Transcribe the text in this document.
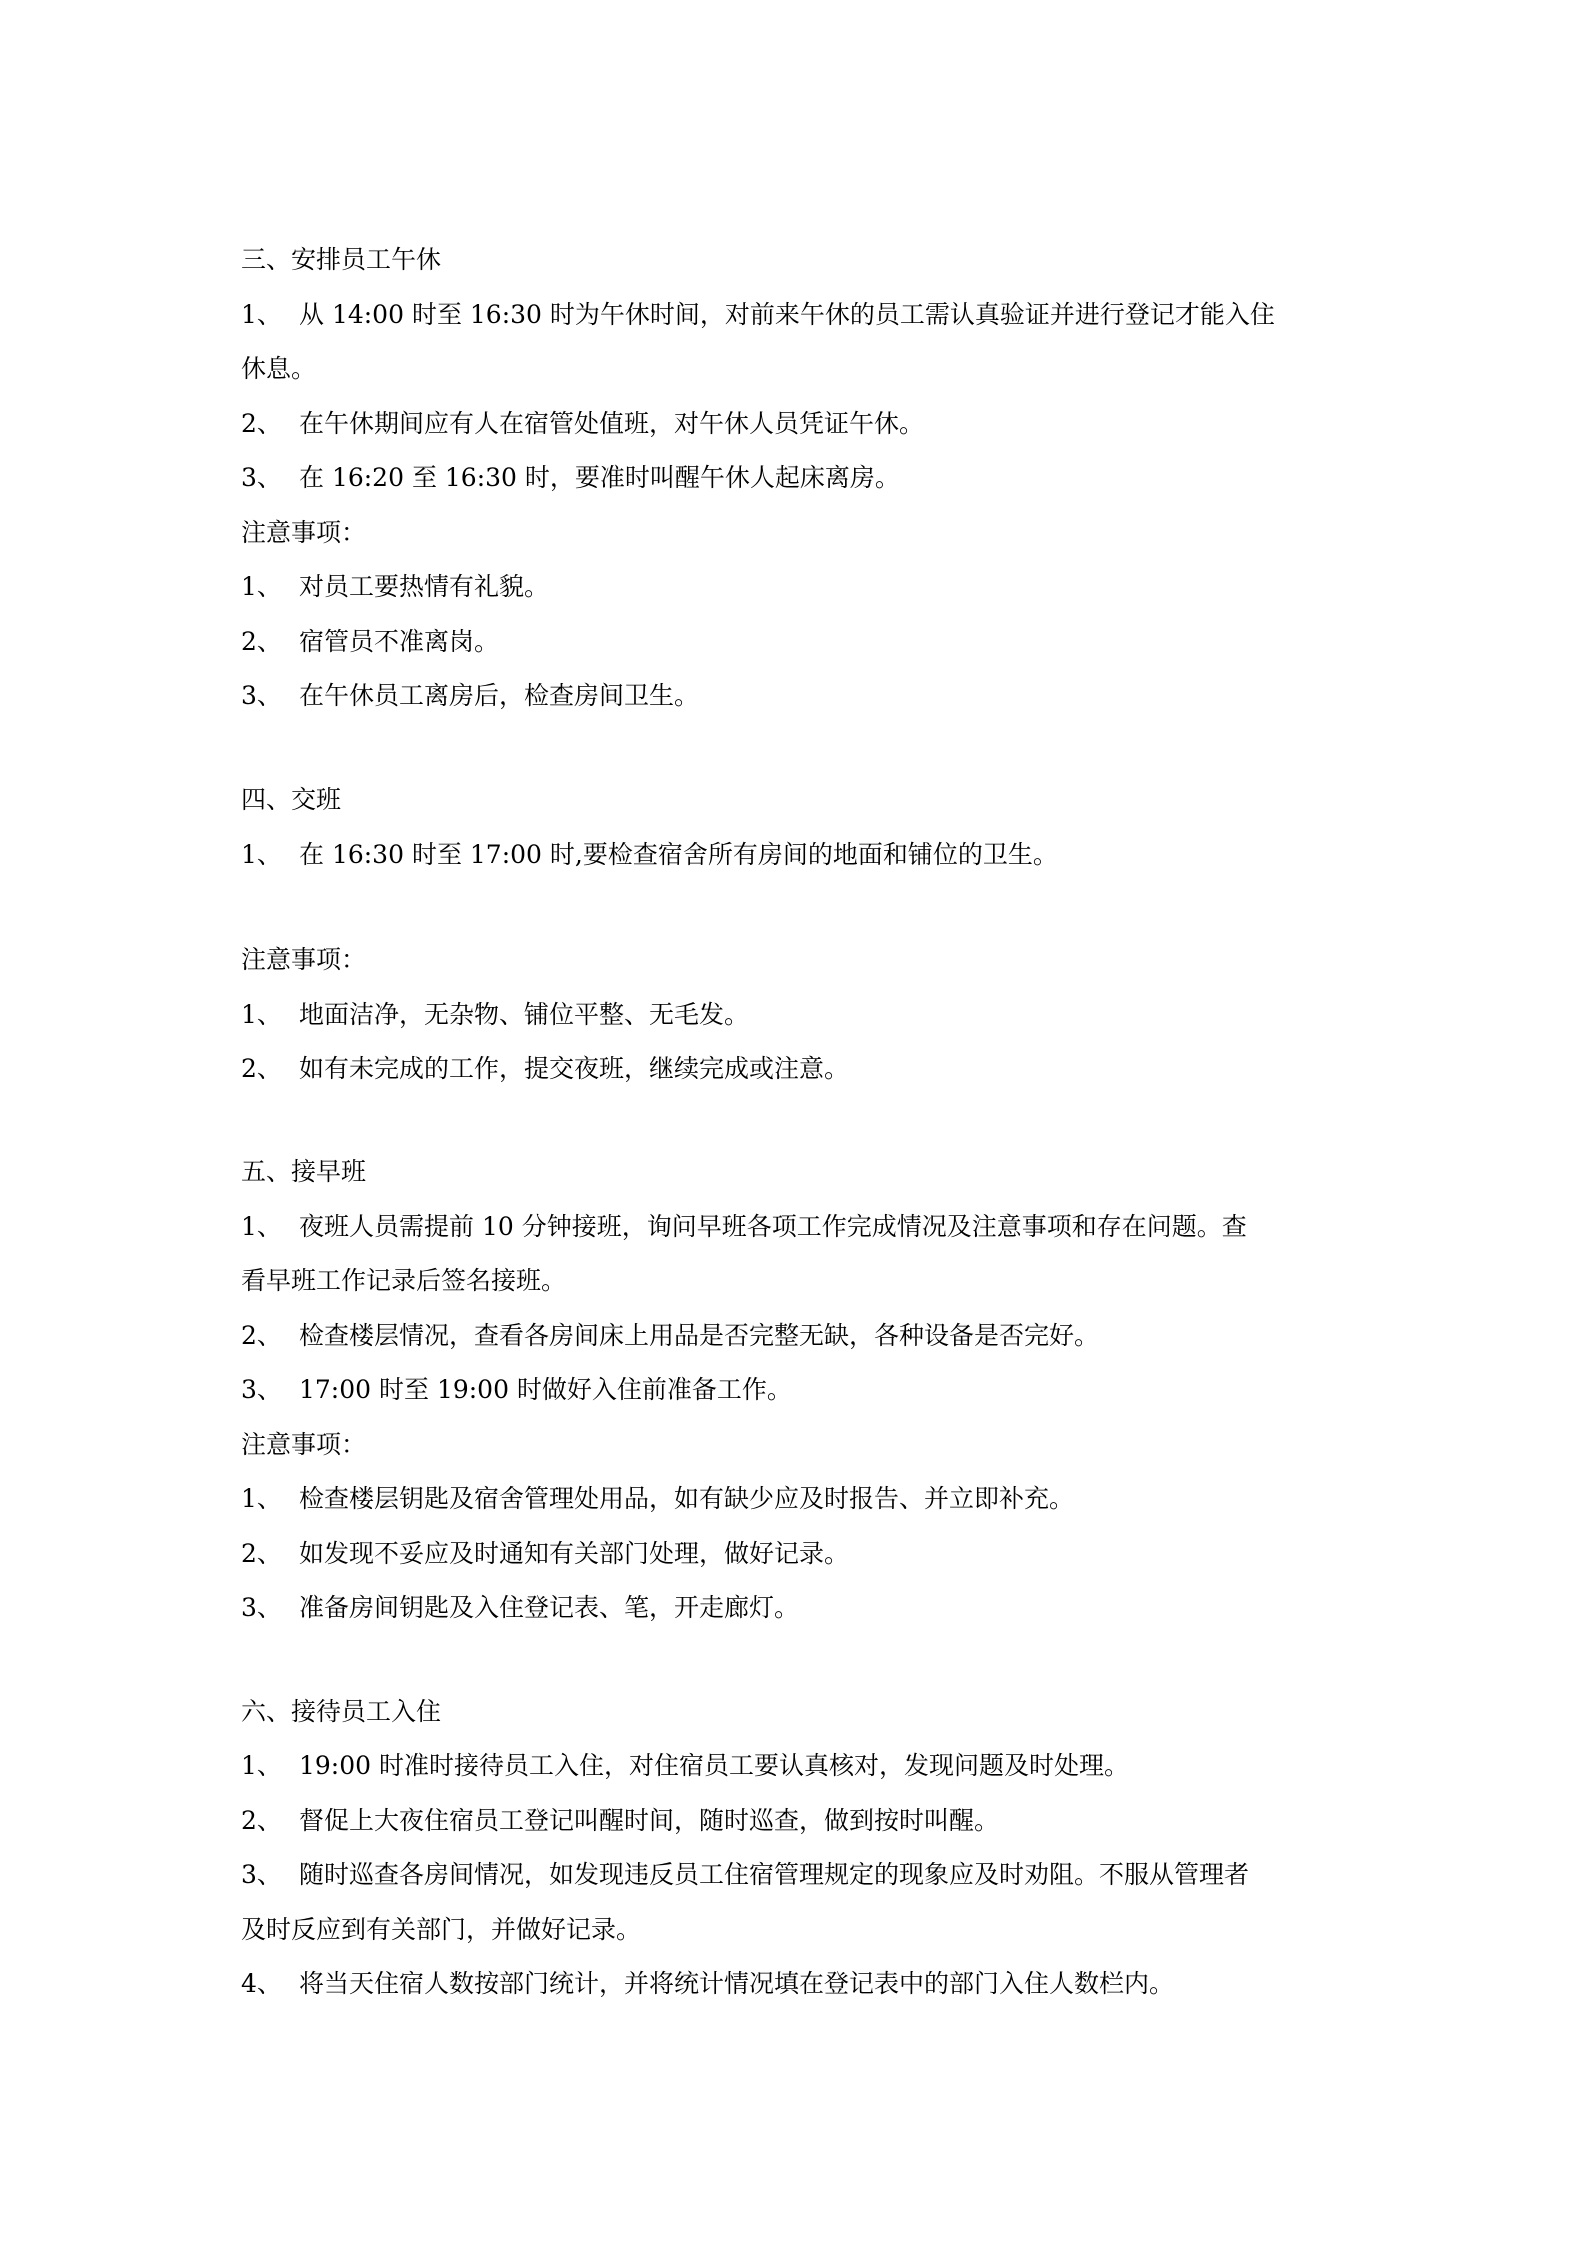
三、安排员工午休
1、 从 14:00 时至 16:30 时为午休时间，对前来午休的员工需认真验证并进行登记才能入住
休息。
2、 在午休期间应有人在宿管处值班，对午休人员凭证午休。
3、 在 16:20 至 16:30 时，要准时叫醒午休人起床离房。
注意事项：
1、 对员工要热情有礼貌。
2、 宿管员不准离岗。
3、 在午休员工离房后，检查房间卫生。
四、交班
1、 在 16:30 时至 17:00 时,要检查宿舍所有房间的地面和铺位的卫生。
注意事项：
1、 地面洁净，无杂物、铺位平整、无毛发。
2、 如有未完成的工作，提交夜班，继续完成或注意。
五、接早班
1、 夜班人员需提前 10 分钟接班，询问早班各项工作完成情况及注意事项和存在问题。查
看早班工作记录后签名接班。
2、 检查楼层情况，查看各房间床上用品是否完整无缺，各种设备是否完好。
3、 17:00 时至 19:00 时做好入住前准备工作。
注意事项：
1、 检查楼层钥匙及宿舍管理处用品，如有缺少应及时报告、并立即补充。
2、 如发现不妥应及时通知有关部门处理，做好记录。
3、 准备房间钥匙及入住登记表、笔，开走廊灯。
六、接待员工入住
1、 19:00 时准时接待员工入住，对住宿员工要认真核对，发现问题及时处理。
2、 督促上大夜住宿员工登记叫醒时间，随时巡查，做到按时叫醒。
3、 随时巡查各房间情况，如发现违反员工住宿管理规定的现象应及时劝阻。不服从管理者
及时反应到有关部门，并做好记录。
4、 将当天住宿人数按部门统计，并将统计情况填在登记表中的部门入住人数栏内。
